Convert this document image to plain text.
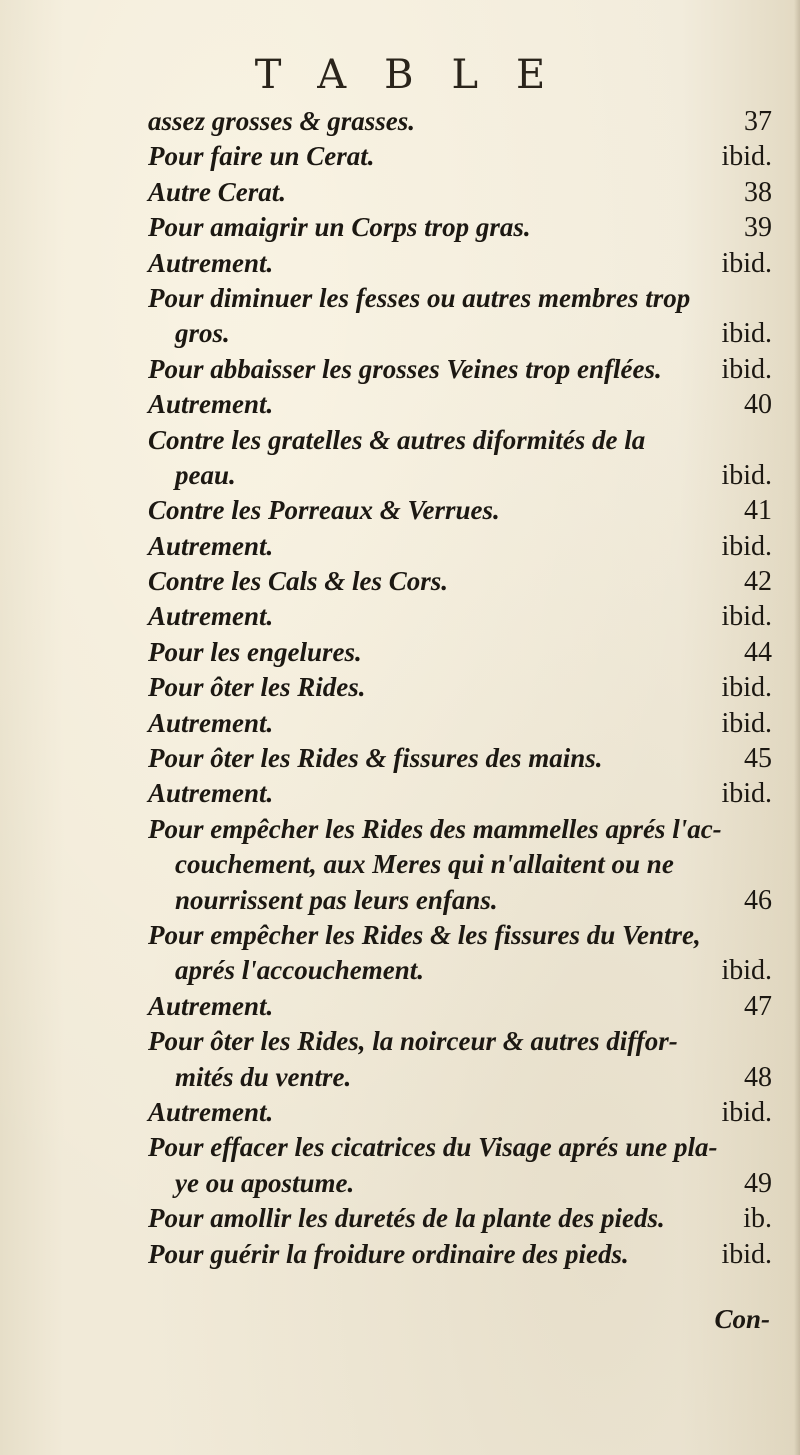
TABLE
assez grosses & grasses.	37
Pour faire un Cerat.	ibid.
Autre Cerat.	38
Pour amaigrir un Corps trop gras.	39
Autrement.	ibid.
Pour diminuer les fesses ou autres membres trop
gros.	ibid.
Pour abbaisser les grosses Veines trop enflées. ibid.
Autrement.	40
Contre les gratelles & autres diformités de la
peau.	ibid.
Contre les Porreaux & Verrues.	41
Autrement.	ibid.
Contre les Cals & les Cors.	42
Autrement.	ibid.
Pour les engelures.	44
Pour ôter les Rides.	ibid.
Autrement.	ibid.
Pour ôter les Rides & fissures des mains.	45
Autrement.	ibid.
Pour empêcher les Rides des mammelles aprés l'ac-
couchement, aux Meres qui n'allaitent ou ne
nourrissent pas leurs enfans.	46
Pour empêcher les Rides & les fissures du Ventre,
aprés l'accouchement.	ibid.
Autrement.	47
Pour ôter les Rides, la noirceur & autres diffor-
mités du ventre.	48
Autrement.	ibid.
Pour effacer les cicatrices du Visage aprés une pla-
ye ou apostume.	49
Pour amollir les duretés de la plante des pieds.	ib.
Pour guérir la froidure ordinaire des pieds.	ibid.
Con-
